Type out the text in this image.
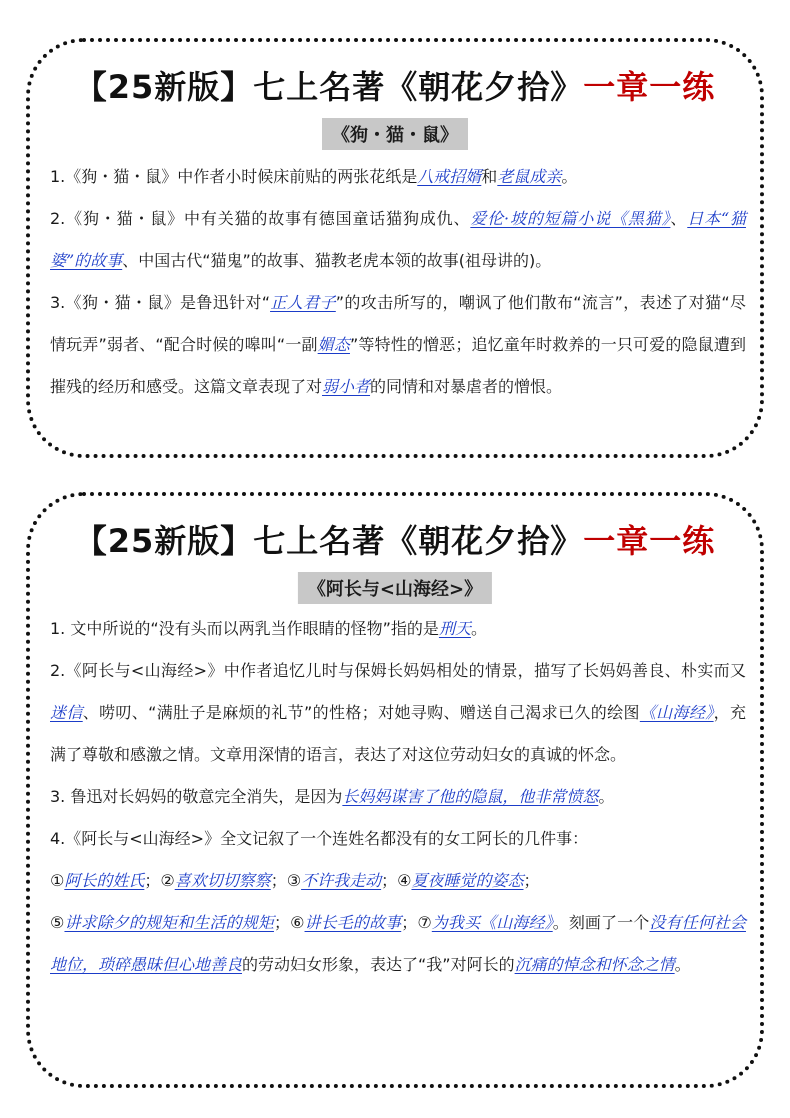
【25新版】七上名著《朝花夕拾》一章一练
《狗・猫・鼠》

1.《狗・猫・鼠》中作者小时候床前贴的两张花纸是八戒招婿和老鼠成亲。

2.《狗・猫・鼠》中有关猫的故事有德国童话猫狗成仇、爱伦·坡的短篇小说《黑猫》、日本“猫婆”的故事、中国古代“猫鬼”的故事、猫教老虎本领的故事(祖母讲的)。

3.《狗・猫・鼠》是鲁迅针对“正人君子”的攻击所写的，嘲讽了他们散布“流言”，表述了对猫“尽情玩弄”弱者、“配合时候的嗥叫“一副媚态”等特性的憎恶；追忆童年时救养的一只可爱的隐鼠遭到摧残的经历和感受。这篇文章表现了对弱小者的同情和对暴虐者的憎恨。

【25新版】七上名著《朝花夕拾》一章一练
《阿长与<山海经>》

1. 文中所说的“没有头而以两乳当作眼睛的怪物”指的是刑天。

2.《阿长与<山海经>》中作者追忆儿时与保姆长妈妈相处的情景，描写了长妈妈善良、朴实而又迷信、唠叨、“满肚子是麻烦的礼节”的性格；对她寻购、赠送自己渴求已久的绘图《山海经》，充满了尊敬和感激之情。文章用深情的语言，表达了对这位劳动妇女的真诚的怀念。

3. 鲁迅对长妈妈的敬意完全消失，是因为长妈妈谋害了他的隐鼠，他非常愤怒。

4.《阿长与<山海经>》全文记叙了一个连姓名都没有的女工阿长的几件事：
①阿长的姓氏；②喜欢切切察察；③不许我走动；④夏夜睡觉的姿态；
⑤讲求除夕的规矩和生活的规矩；⑥讲长毛的故事；⑦为我买《山海经》。刻画了一个没有任何社会地位，琐碎愚昧但心地善良的劳动妇女形象，表达了“我”对阿长的沉痛的悼念和怀念之情。
